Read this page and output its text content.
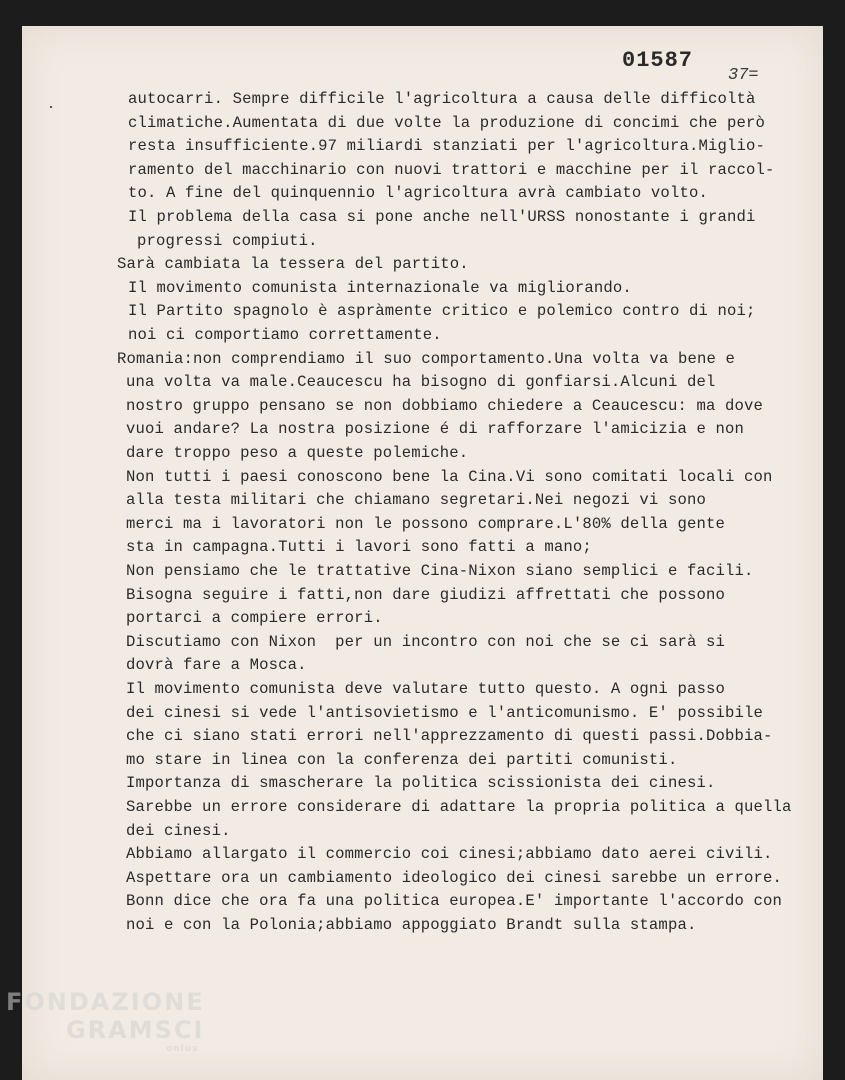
01587
37=
autocarri. Sempre difficile l'agricoltura a causa delle difficoltà
climatiche.Aumentata di due volte la produzione di concimi che però
resta insufficiente.97 miliardi stanziati per l'agricoltura.Miglio-
ramento del macchinario con nuovi trattori e macchine per il raccol-
to. A fine del quinquennio l'agricoltura avrà cambiato volto.
Il problema della casa si pone anche nell'URSS nonostante i grandi
progressi compiuti.
Sarà cambiata la tessera del partito.
Il movimento comunista internazionale va migliorando.
Il Partito spagnolo è aspràmente critico e polemico contro di noi;
noi ci comportiamo correttamente.
Romania:non comprendiamo il suo comportamento.Una volta va bene e
una volta va male.Ceaucescu ha bisogno di gonfiarsi.Alcuni del
nostro gruppo pensano se non dobbiamo chiedere a Ceaucescu: ma dove
vuoi andare? La nostra posizione é di rafforzare l'amicizia e non
dare troppo peso a queste polemiche.
Non tutti i paesi conoscono bene la Cina.Vi sono comitati locali con
alla testa militari che chiamano segretari.Nei negozi vi sono
merci ma i lavoratori non le possono comprare.L'80% della gente
sta in campagna.Tutti i lavori sono fatti a mano;
Non pensiamo che le trattative Cina-Nixon siano semplici e facili.
Bisogna seguire i fatti,non dare giudizi affrettati che possono
portarci a compiere errori.
Discutiamo con Nixon  per un incontro con noi che se ci sarà si
dovrà fare a Mosca.
Il movimento comunista deve valutare tutto questo. A ogni passo
dei cinesi si vede l'antisovietismo e l'anticomunismo. E' possibile
che ci siano stati errori nell'apprezzamento di questi passi.Dobbia-
mo stare in linea con la conferenza dei partiti comunisti.
Importanza di smascherare la politica scissionista dei cinesi.
Sarebbe un errore considerare di adattare la propria politica a quella
dei cinesi.
Abbiamo allargato il commercio coi cinesi;abbiamo dato aerei civili.
Aspettare ora un cambiamento ideologico dei cinesi sarebbe un errore.
Bonn dice che ora fa una politica europea.E' importante l'accordo con
noi e con la Polonia;abbiamo appoggiato Brandt sulla stampa.
FONDAZIONE
GRAMSCI
onlus
